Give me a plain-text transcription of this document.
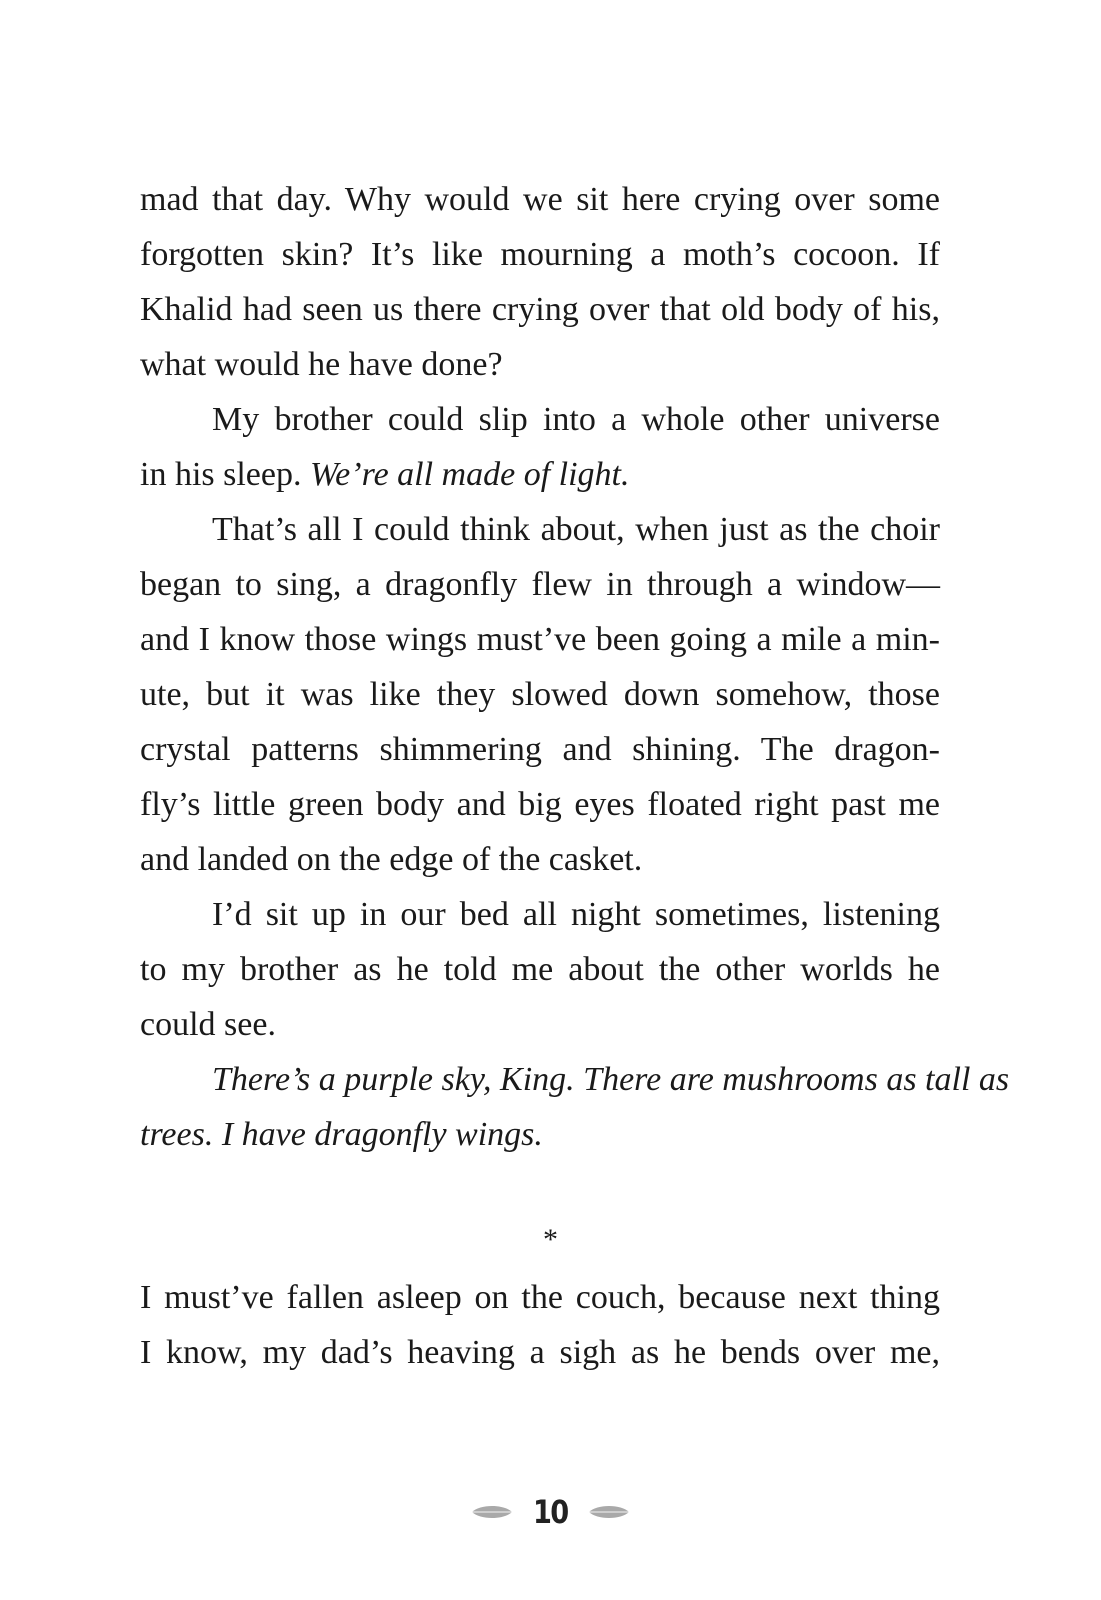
mad that day. Why would we sit here crying over some
forgotten skin? It’s like mourning a moth’s cocoon. If
Khalid had seen us there crying over that old body of his,
what would he have done?
My brother could slip into a whole other universe
in his sleep. We’re all made of light.
That’s all I could think about, when just as the choir
began to sing, a dragonfly flew in through a window—
and I know those wings must’ve been going a mile a min-
ute, but it was like they slowed down somehow, those
crystal patterns shimmering and shining. The dragon-
fly’s little green body and big eyes floated right past me
and landed on the edge of the casket.
I’d sit up in our bed all night sometimes, listening
to my brother as he told me about the other worlds he
could see.
There’s a purple sky, King. There are mushrooms as tall as
trees. I have dragonfly wings.
*
I must’ve fallen asleep on the couch, because next thing
I know, my dad’s heaving a sigh as he bends over me,
10
